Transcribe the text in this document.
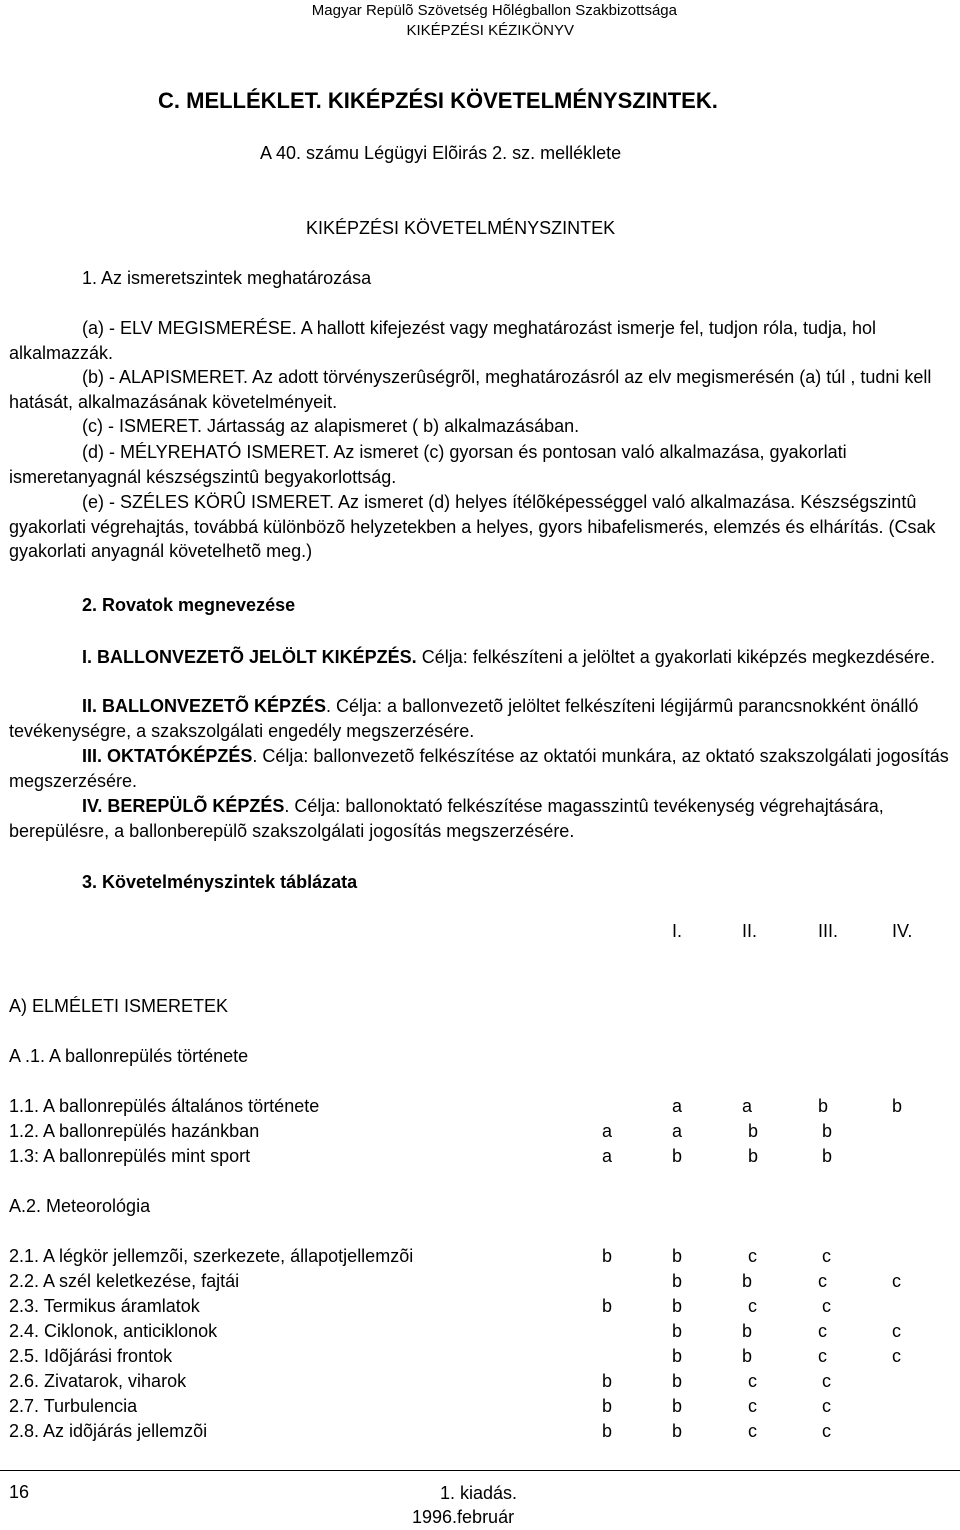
Magyar Repülõ Szövetség Hõlégballon Szakbizottsága
KIKÉPZÉSI KÉZIKÖNYV
C. MELLÉKLET. KIKÉPZÉSI KÖVETELMÉNYSZINTEK.
A 40. számu Légügyi Elõirás 2. sz. melléklete
KIKÉPZÉSI KÖVETELMÉNYSZINTEK
1. Az ismeretszintek meghatározása
(a) - ELV MEGISMERÉSE. A hallott kifejezést vagy meghatározást ismerje fel, tudjon róla, tudja, hol alkalmazzák.
(b) - ALAPISMERET. Az adott törvényszerûségrõl, meghatározásról az elv megismerésén (a) túl , tudni kell hatását, alkalmazásának követelményeit.
(c) - ISMERET. Jártasság az alapismeret ( b) alkalmazásában.
(d) - MÉLYREHATÓ ISMERET. Az ismeret (c) gyorsan és pontosan való alkalmazása, gyakorlati ismeretanyagnál készségszintû begyakorlottság.
(e) - SZÉLES KÖRÛ ISMERET. Az ismeret (d) helyes ítélõképességgel való alkalmazása. Készségszintû gyakorlati végrehajtás, továbbá különbözõ helyzetekben a helyes, gyors hibafelismerés, elemzés és elhárítás. (Csak gyakorlati anyagnál követelhetõ meg.)
2. Rovatok megnevezése
I. BALLONVEZETÕ JELÖLT KIKÉPZÉS. Célja: felkészíteni a jelöltet a gyakorlati kiképzés megkezdésére.
II. BALLONVEZETÕ KÉPZÉS. Célja: a ballonvezetõ jelöltet felkészíteni légijármû parancsnokként önálló tevékenységre, a szakszolgálati engedély megszerzésére.
III. OKTATÓKÉPZÉS. Célja: ballonvezetõ felkészítése az oktatói munkára, az oktató szakszolgálati jogosítás megszerzésére.
IV. BEREPÜLÕ KÉPZÉS. Célja: ballonoktató felkészítése magasszintû tevékenység végrehajtására, berepülésre, a ballonberepülõ szakszolgálati jogosítás megszerzésére.
3. Követelményszintek táblázata
I.	II.	III.	IV.
A) ELMÉLETI ISMERETEK
A .1. A ballonrepülés története
1.1. A ballonrepülés általános története	a	a	b	b
1.2. A ballonrepülés hazánkban	a	a	b	b
1.3: A ballonrepülés mint sport	a	b	b	b
A.2. Meteorológia
2.1. A légkör jellemzõi, szerkezete, állapotjellemzõi	b	b	c	c
2.2. A szél keletkezése, fajtái	b	b	c	c
2.3. Termikus áramlatok	b	b	c	c
2.4. Ciklonok, anticiklonok	b	b	c	c
2.5. Idõjárási frontok	b	b	c	c
2.6. Zivatarok, viharok	b	b	c	c
2.7. Turbulencia	b	b	c	c
2.8. Az idõjárás jellemzõi	b	b	c	c
16	1. kiadás.
1996.február
